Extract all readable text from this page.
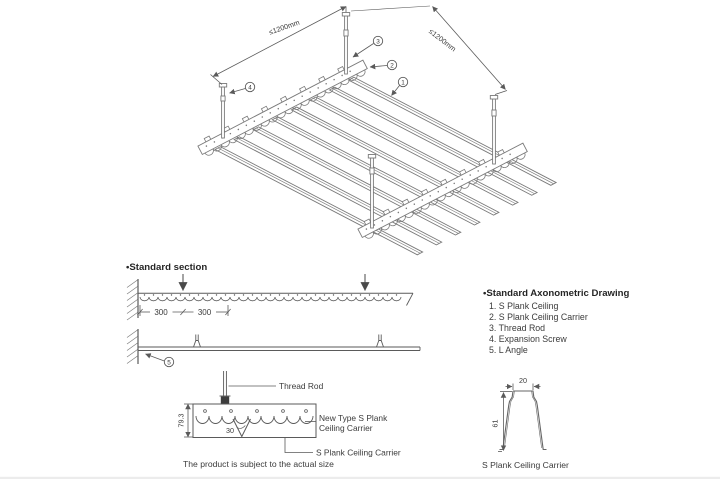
≤1200mm	≤1200mm
1
2
3
4
•Standard section
300	300
5
Thread Rod
30
79.3	New Type S Plank
Ceiling Carrier
S Plank Ceiling Carrier
The product is subject to the actual size
•Standard Axonometric Drawing
1. S Plank Ceiling
2. S Plank Ceiling Carrier
3. Thread Rod
4. Expansion Screw
5. L Angle
20
61
S Plank Ceiling Carrier
